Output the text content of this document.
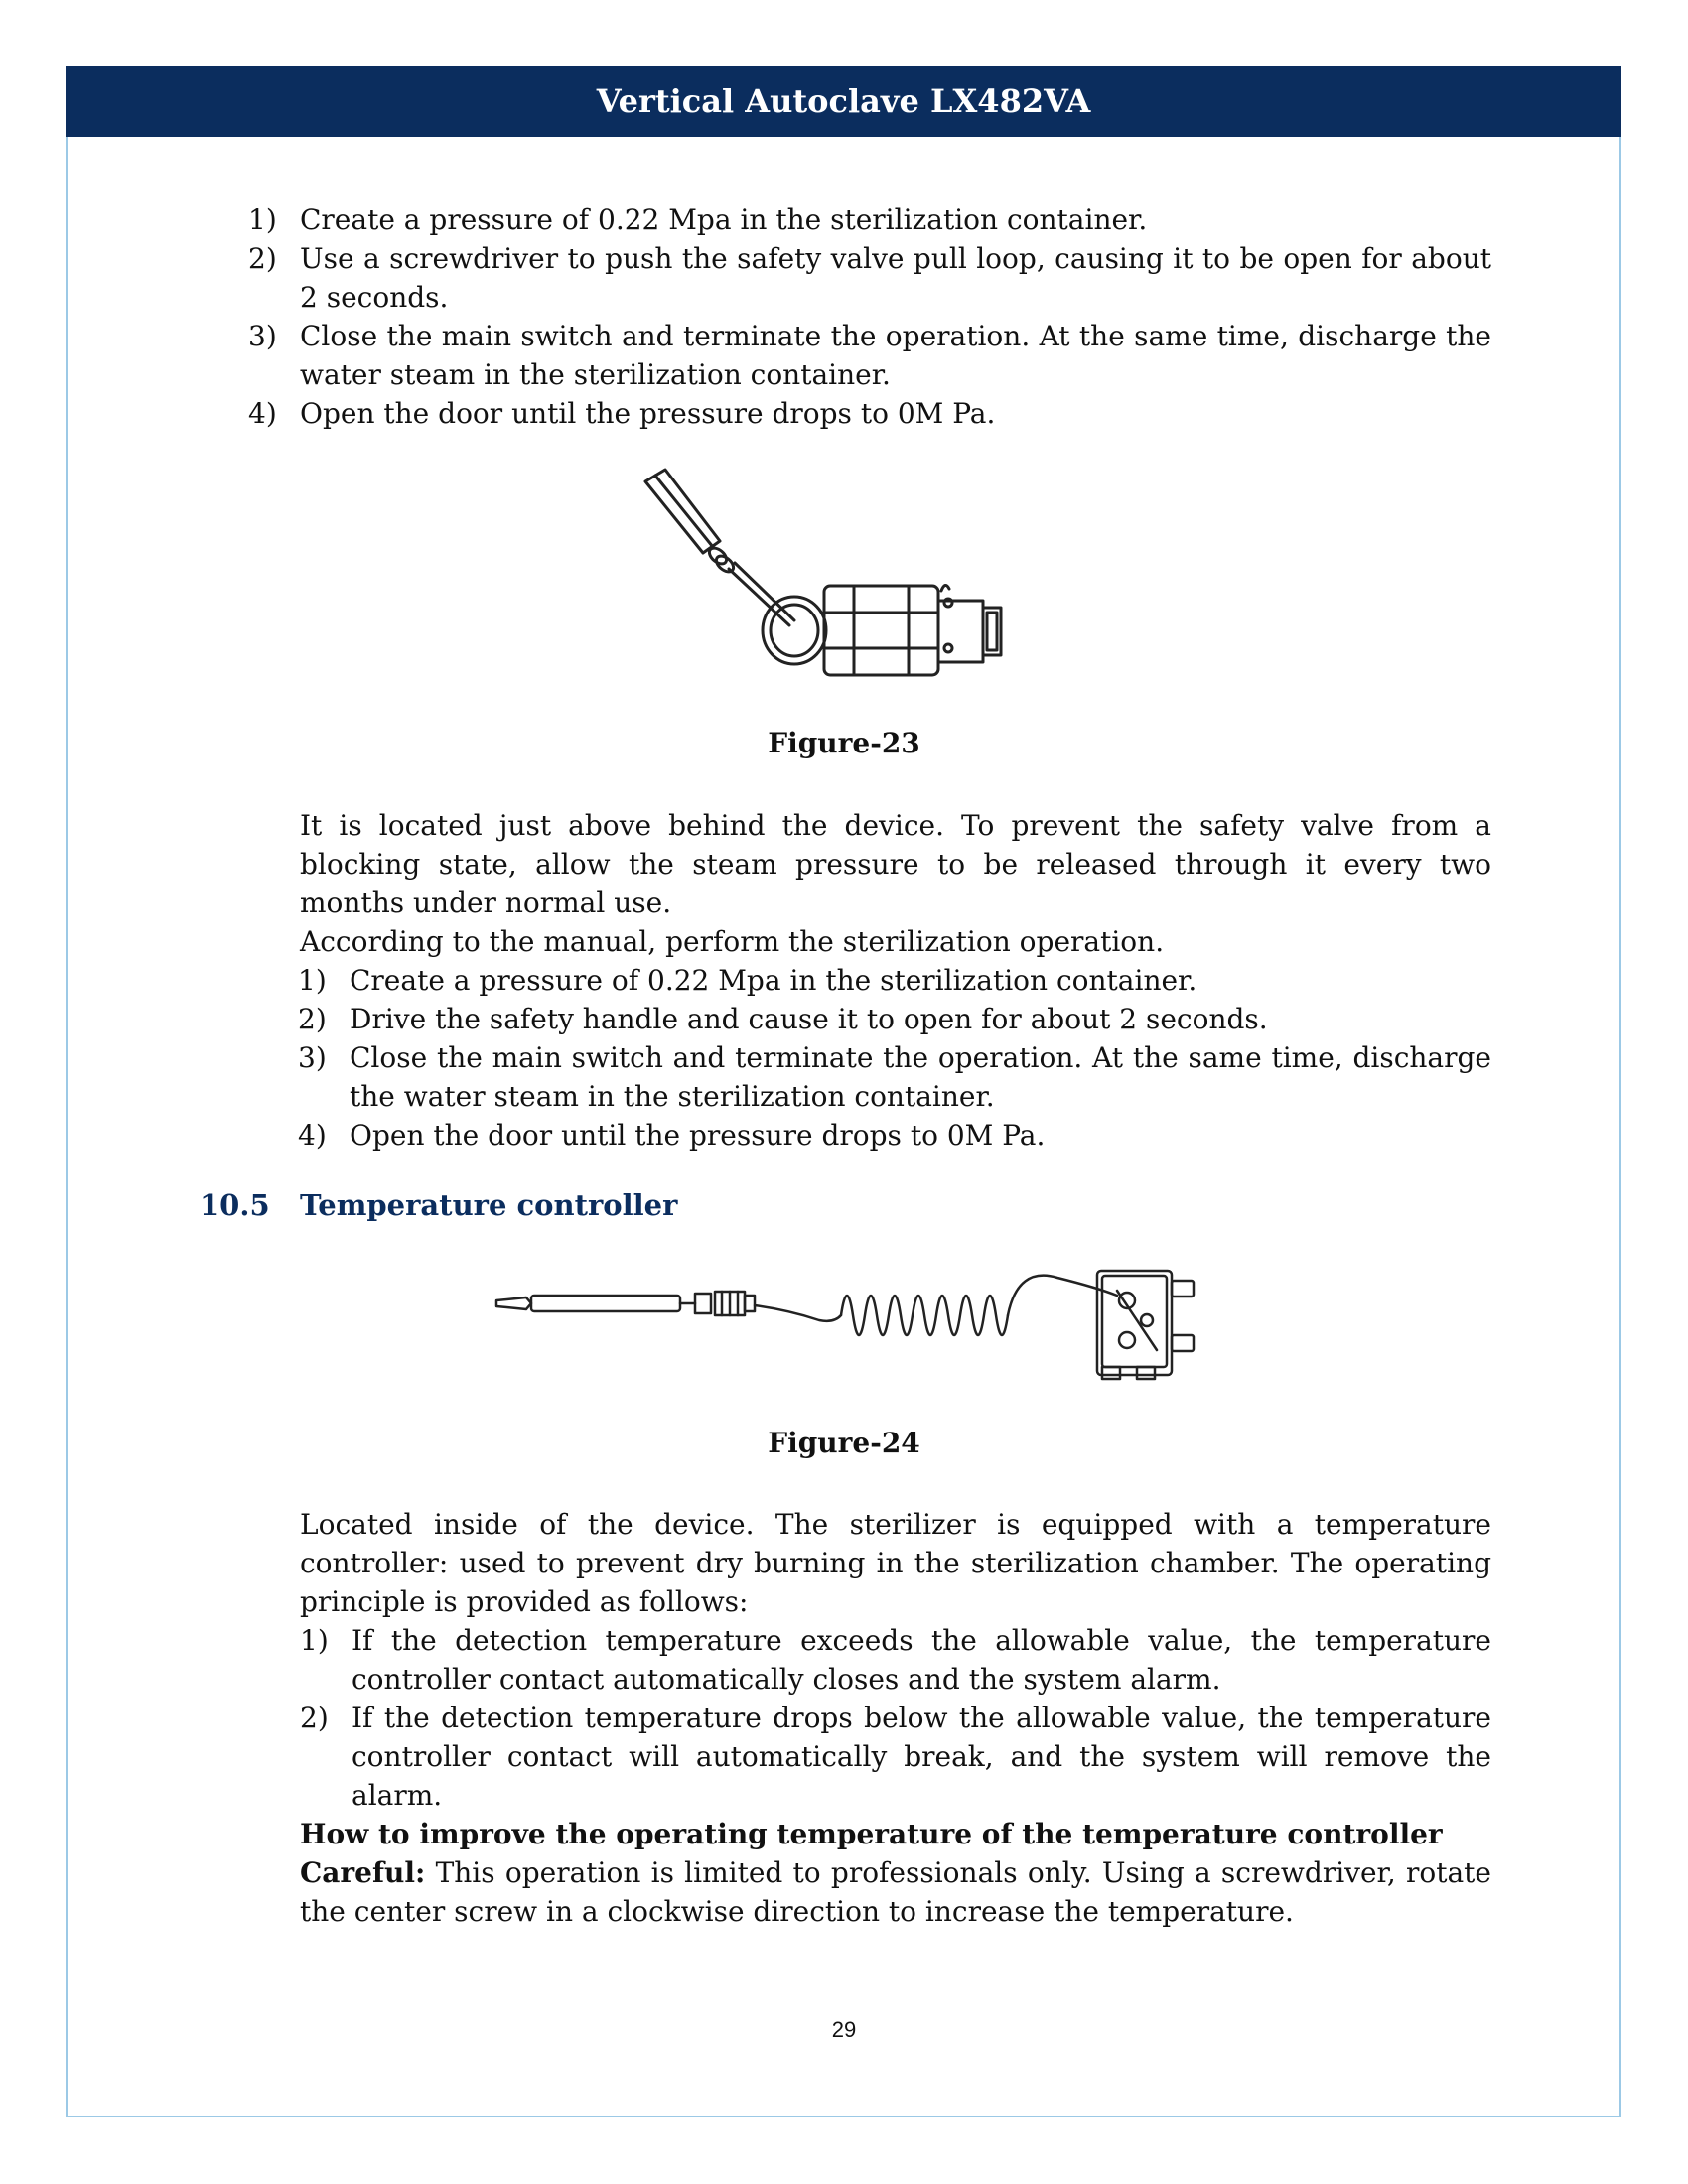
Vertical Autoclave LX482VA
1) Create a pressure of 0.22 Mpa in the sterilization container.
2) Use a screwdriver to push the safety valve pull loop, causing it to be open for about 2 seconds.
3) Close the main switch and terminate the operation. At the same time, discharge the water steam in the sterilization container.
4) Open the door until the pressure drops to 0M Pa.
Figure-23

It is located just above behind the device. To prevent the safety valve from a blocking state, allow the steam pressure to be released through it every two months under normal use.

According to the manual, perform the sterilization operation.

1) Create a pressure of 0.22 Mpa in the sterilization container.
2) Drive the safety handle and cause it to open for about 2 seconds.
3) Close the main switch and terminate the operation. At the same time, discharge the water steam in the sterilization container.
4) Open the door until the pressure drops to 0M Pa.
10.5 Temperature controller
Figure-24

Located inside of the device. The sterilizer is equipped with a temperature controller: used to prevent dry burning in the sterilization chamber. The operating principle is provided as follows:

1) If the detection temperature exceeds the allowable value, the temperature controller contact automatically closes and the system alarm.
2) If the detection temperature drops below the allowable value, the temperature controller contact will automatically break, and the system will remove the alarm.

How to improve the operating temperature of the temperature controller

Careful: This operation is limited to professionals only. Using a screwdriver, rotate the center screw in a clockwise direction to increase the temperature.

29
